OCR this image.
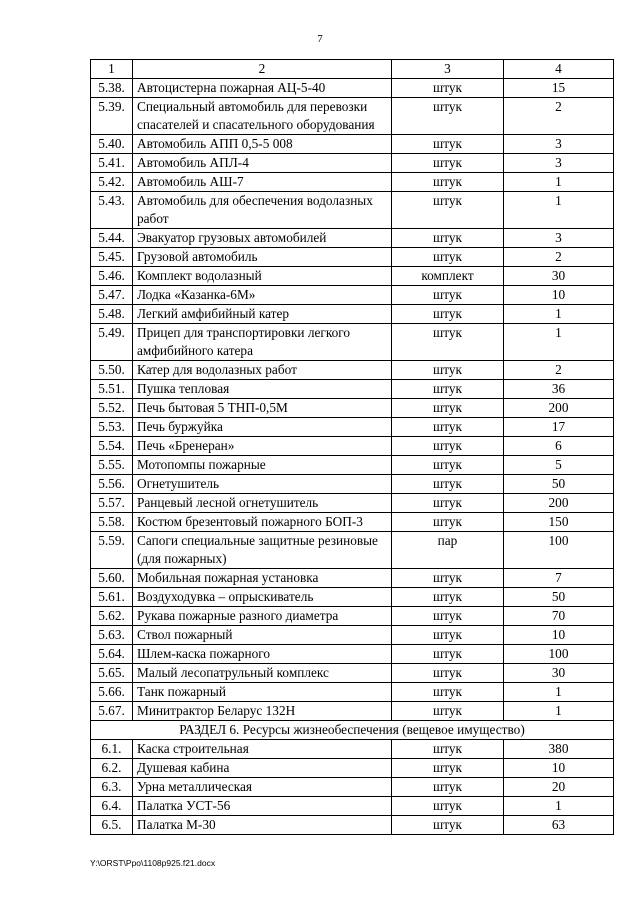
7
1	2	3	4
5.38.	Автоцистерна пожарная АЦ-5-40	штук	15
5.39.	Специальный автомобиль для перевозки спасателей и спасательного оборудования	штук	2
5.40.	Автомобиль АПП 0,5-5 008	штук	3
5.41.	Автомобиль АПЛ-4	штук	3
5.42.	Автомобиль АШ-7	штук	1
5.43.	Автомобиль для обеспечения водолазных работ	штук	1
5.44.	Эвакуатор грузовых автомобилей	штук	3
5.45.	Грузовой автомобиль	штук	2
5.46.	Комплект водолазный	комплект	30
5.47.	Лодка «Казанка-6М»	штук	10
5.48.	Легкий амфибийный катер	штук	1
5.49.	Прицеп для транспортировки легкого амфибийного катера	штук	1
5.50.	Катер для водолазных работ	штук	2
5.51.	Пушка тепловая	штук	36
5.52.	Печь бытовая 5 ТНП-0,5М	штук	200
5.53.	Печь буржуйка	штук	17
5.54.	Печь «Бренеран»	штук	6
5.55.	Мотопомпы пожарные	штук	5
5.56.	Огнетушитель	штук	50
5.57.	Ранцевый лесной огнетушитель	штук	200
5.58.	Костюм брезентовый пожарного БОП-3	штук	150
5.59.	Сапоги специальные защитные резиновые (для пожарных)	пар	100
5.60.	Мобильная пожарная установка	штук	7
5.61.	Воздуходувка – опрыскиватель	штук	50
5.62.	Рукава пожарные разного диаметра	штук	70
5.63.	Ствол пожарный	штук	10
5.64.	Шлем-каска пожарного	штук	100
5.65.	Малый лесопатрульный комплекс	штук	30
5.66.	Танк пожарный	штук	1
5.67.	Минитрактор Беларус 132Н	штук	1
РАЗДЕЛ 6. Ресурсы жизнеобеспечения (вещевое имущество)			
6.1.	Каска строительная	штук	380
6.2.	Душевая кабина	штук	10
6.3.	Урна металлическая	штук	20
6.4.	Палатка УСТ-56	штук	1
6.5.	Палатка М-30	штук	63
Y:\ORST\Ppo\1108p925.f21.docx
